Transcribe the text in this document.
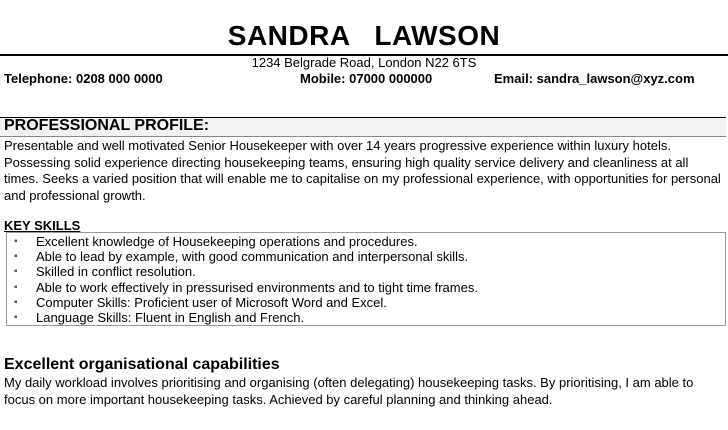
SANDRA   LAWSON
1234 Belgrade Road, London N22 6TS
Telephone: 0208 000 0000	Mobile: 07000 000000	Email: sandra_lawson@xyz.com
PROFESSIONAL PROFILE:
Presentable and well motivated Senior Housekeeper with over 14 years progressive experience within luxury hotels. Possessing solid experience directing housekeeping teams, ensuring high quality service delivery and cleanliness at all times. Seeks a varied position that will enable me to capitalise on my professional experience, with opportunities for personal and professional growth.
KEY SKILLS
▪ Excellent knowledge of Housekeeping operations and procedures.
▪ Able to lead by example, with good communication and interpersonal skills.
▪ Skilled in conflict resolution.
▪ Able to work effectively in pressurised environments and to tight time frames.
▪ Computer Skills: Proficient user of Microsoft Word and Excel.
▪ Language Skills: Fluent in English and French.
Excellent organisational capabilities
My daily workload involves prioritising and organising (often delegating) housekeeping tasks. By prioritising, I am able to focus on more important housekeeping tasks. Achieved by careful planning and thinking ahead.
